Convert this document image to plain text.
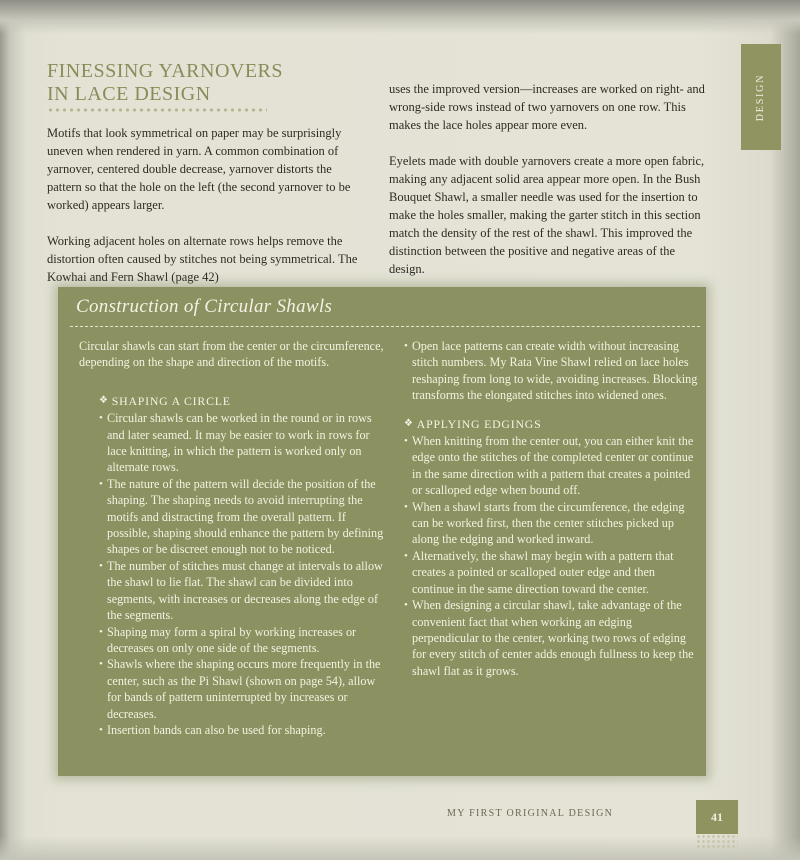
FINESSING YARNOVERS
IN LACE DESIGN

Motifs that look symmetrical on paper may be surprisingly uneven when rendered in yarn. A common combination of yarnover, centered double decrease, yarnover distorts the pattern so that the hole on the left (the second yarnover to be worked) appears larger.

Working adjacent holes on alternate rows helps remove the distortion often caused by stitches not being symmetrical. The Kowhai and Fern Shawl (page 42)

uses the improved version—increases are worked on right- and wrong-side rows instead of two yarnovers on one row. This makes the lace holes appear more even.

Eyelets made with double yarnovers create a more open fabric, making any adjacent solid area appear more open. In the Bush Bouquet Shawl, a smaller needle was used for the insertion to make the holes smaller, making the garter stitch in this section match the density of the rest of the shawl. This improved the distinction between the positive and negative areas of the design.

DESIGN
Construction of Circular Shawls

Circular shawls can start from the center or the circumference, depending on the shape and direction of the motifs.

❖ SHAPING A CIRCLE
• Circular shawls can be worked in the round or in rows and later seamed. It may be easier to work in rows for lace knitting, in which the pattern is worked only on alternate rows.
• The nature of the pattern will decide the position of the shaping. The shaping needs to avoid interrupting the motifs and distracting from the overall pattern. If possible, shaping should enhance the pattern by defining shapes or be discreet enough not to be noticed.
• The number of stitches must change at intervals to allow the shawl to lie flat. The shawl can be divided into segments, with increases or decreases along the edge of the segments.
• Shaping may form a spiral by working increases or decreases on only one side of the segments.
• Shawls where the shaping occurs more frequently in the center, such as the Pi Shawl (shown on page 54), allow for bands of pattern uninterrupted by increases or decreases.
• Insertion bands can also be used for shaping.
• Open lace patterns can create width without increasing stitch numbers. My Rata Vine Shawl relied on lace holes reshaping from long to wide, avoiding increases. Blocking transforms the elongated stitches into widened ones.
❖ APPLYING EDGINGS
• When knitting from the center out, you can either knit the edge onto the stitches of the completed center or continue in the same direction with a pattern that creates a pointed or scalloped edge when bound off.
• When a shawl starts from the circumference, the edging can be worked first, then the center stitches picked up along the edging and worked inward.
• Alternatively, the shawl may begin with a pattern that creates a pointed or scalloped outer edge and then continue in the same direction toward the center.
• When designing a circular shawl, take advantage of the convenient fact that when working an edging perpendicular to the center, working two rows of edging for every stitch of center adds enough fullness to keep the shawl flat as it grows.
MY FIRST ORIGINAL DESIGN	41
